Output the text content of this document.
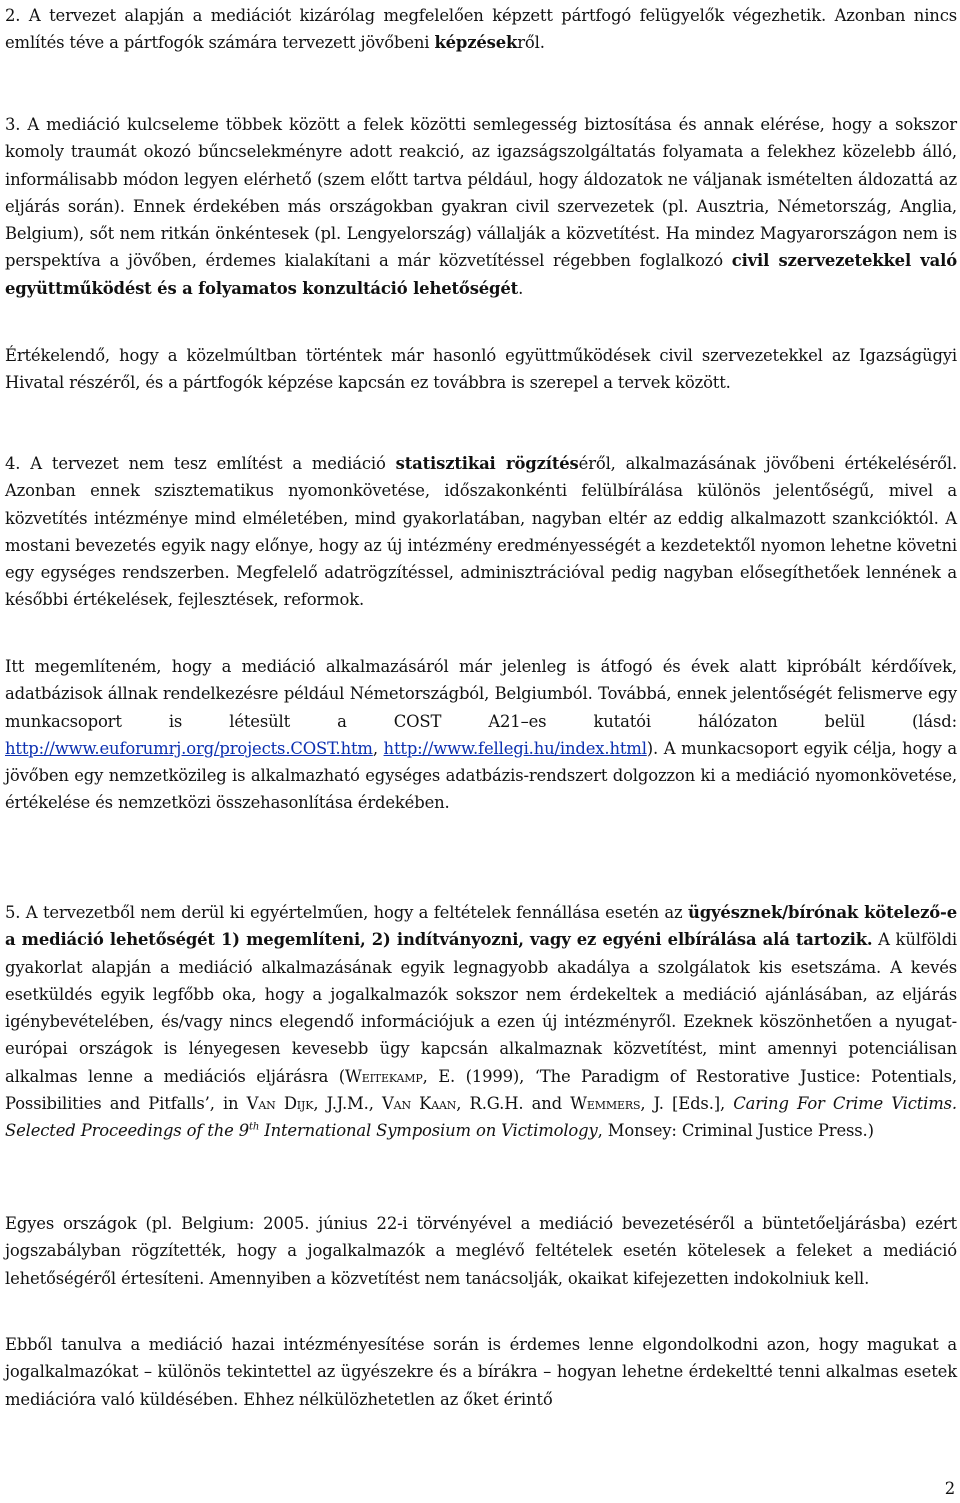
2. A tervezet alapján a mediációt kizárólag megfelelően képzett pártfogó felügyelők végezhetik. Azonban nincs említés téve a pártfogók számára tervezett jövőbeni képzésekről.

3. A mediáció kulcseleme többek között a felek közötti semlegesség biztosítása és annak elérése, hogy a sokszor komoly traumát okozó bűncselekményre adott reakció, az igazságszolgáltatás folyamata a felekhez közelebb álló, informálisabb módon legyen elérhető (szem előtt tartva például, hogy áldozatok ne váljanak ismételten áldozattá az eljárás során). Ennek érdekében más országokban gyakran civil szervezetek (pl. Ausztria, Németország, Anglia, Belgium), sőt nem ritkán önkéntesek (pl. Lengyelország) vállalják a közvetítést. Ha mindez Magyarországon nem is perspektíva a jövőben, érdemes kialakítani a már közvetítéssel régebben foglalkozó civil szervezetekkel való együttműködést és a folyamatos konzultáció lehetőségét.

Értékelendő, hogy a közelmúltban történtek már hasonló együttműködések civil szervezetekkel az Igazságügyi Hivatal részéről, és a pártfogók képzése kapcsán ez továbbra is szerepel a tervek között.

4. A tervezet nem tesz említést a mediáció statisztikai rögzítéséről, alkalmazásának jövőbeni értékeléséről. Azonban ennek szisztematikus nyomonkövetése, időszakonkénti felülbírálása különös jelentőségű, mivel a közvetítés intézménye mind elméletében, mind gyakorlatában, nagyban eltér az eddig alkalmazott szankcióktól. A mostani bevezetés egyik nagy előnye, hogy az új intézmény eredményességét a kezdetektől nyomon lehetne követni egy egységes rendszerben. Megfelelő adatrögzítéssel, adminisztrációval pedig nagyban elősegíthetőek lennének a későbbi értékelések, fejlesztések, reformok.

Itt megemlíteném, hogy a mediáció alkalmazásáról már jelenleg is átfogó és évek alatt kipróbált kérdőívek, adatbázisok állnak rendelkezésre például Németországból, Belgiumból. Továbbá, ennek jelentőségét felismerve egy munkacsoport is létesült a COST A21–es kutatói hálózaton belül (lásd: http://www.euforumrj.org/projects.COST.htm, http://www.fellegi.hu/index.html). A munkacsoport egyik célja, hogy a jövőben egy nemzetközileg is alkalmazható egységes adatbázis-rendszert dolgozzon ki a mediáció nyomonkövetése, értékelése és nemzetközi összehasonlítása érdekében.

5. A tervezetből nem derül ki egyértelműen, hogy a feltételek fennállása esetén az ügyésznek/bírónak kötelező-e a mediáció lehetőségét 1) megemlíteni, 2) indítványozni, vagy ez egyéni elbírálása alá tartozik. A külföldi gyakorlat alapján a mediáció alkalmazásának egyik legnagyobb akadálya a szolgálatok kis esetszáma. A kevés esetküldés egyik legfőbb oka, hogy a jogalkalmazók sokszor nem érdekeltek a mediáció ajánlásában, az eljárás igénybevételében, és/vagy nincs elegendő információjuk a ezen új intézményről. Ezeknek köszönhetően a nyugat-európai országok is lényegesen kevesebb ügy kapcsán alkalmaznak közvetítést, mint amennyi potenciálisan alkalmas lenne a mediációs eljárásra (Weitekamp, E. (1999), ‘The Paradigm of Restorative Justice: Potentials, Possibilities and Pitfalls’, in Van Dijk, J.J.M., Van Kaan, R.G.H. and Wemmers, J. [Eds.], Caring For Crime Victims. Selected Proceedings of the 9th International Symposium on Victimology, Monsey: Criminal Justice Press.)

Egyes országok (pl. Belgium: 2005. június 22-i törvényével a mediáció bevezetéséről a büntetőeljárásba) ezért jogszabályban rögzítették, hogy a jogalkalmazók a meglévő feltételek esetén kötelesek a feleket a mediáció lehetőségéről értesíteni. Amennyiben a közvetítést nem tanácsolják, okaikat kifejezetten indokolniuk kell.

Ebből tanulva a mediáció hazai intézményesítése során is érdemes lenne elgondolkodni azon, hogy magukat a jogalkalmazókat – különös tekintettel az ügyészekre és a bírákra – hogyan lehetne érdekeltté tenni alkalmas esetek mediációra való küldésében. Ehhez nélkülözhetetlen az őket érintő

2
